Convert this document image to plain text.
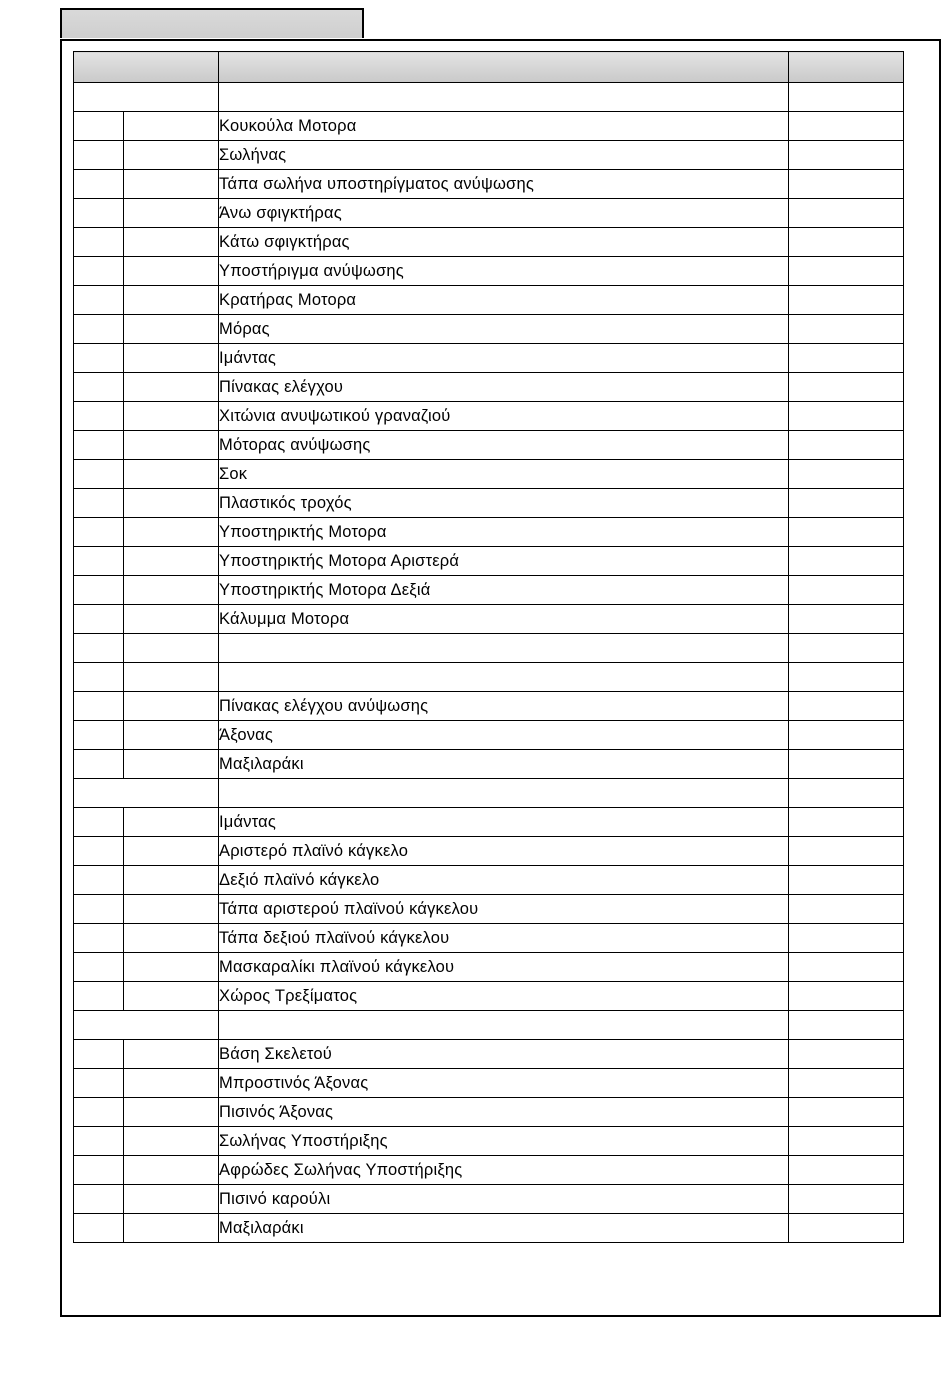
		Κουκούλα Μοτορα	
		Σωλήνας	
		Τάπα σωλήνα υποστηρίγματος ανύψωσης	
		Άνω σφιγκτήρας	
		Κάτω σφιγκτήρας	
		Υποστήριγμα ανύψωσης	
		Κρατήρας Μοτορα	
		Μόρας	
		Ιμάντας	
		Πίνακας ελέγχου	
		Χιτώνια ανυψωτικού γραναζιού	
		Μότορας ανύψωσης	
		Σοκ	
		Πλαστικός τροχός	
		Υποστηρικτής Μοτορα	
		Υποστηρικτής Μοτορα Αριστερά	
		Υποστηρικτής Μοτορα Δεξιά	
		Κάλυμμα Μοτορα	

		Πίνακας ελέγχου ανύψωσης	
		Άξονας	
		Μαξιλαράκι	

		Ιμάντας	
		Αριστερό πλαϊνό κάγκελο	
		Δεξιό πλαϊνό κάγκελο	
		Τάπα αριστερού πλαϊνού κάγκελου	
		Τάπα δεξιού πλαϊνού κάγκελου	
		Μασκαραλίκι πλαϊνού κάγκελου	
		Χώρος Τρεξίματος	

		Βάση Σκελετού	
		Μπροστινός Άξονας	
		Πισινός Άξονας	
		Σωλήνας Υποστήριξης	
		Αφρώδες Σωλήνας Υποστήριξης	
		Πισινό καρούλι	
		Μαξιλαράκι	
